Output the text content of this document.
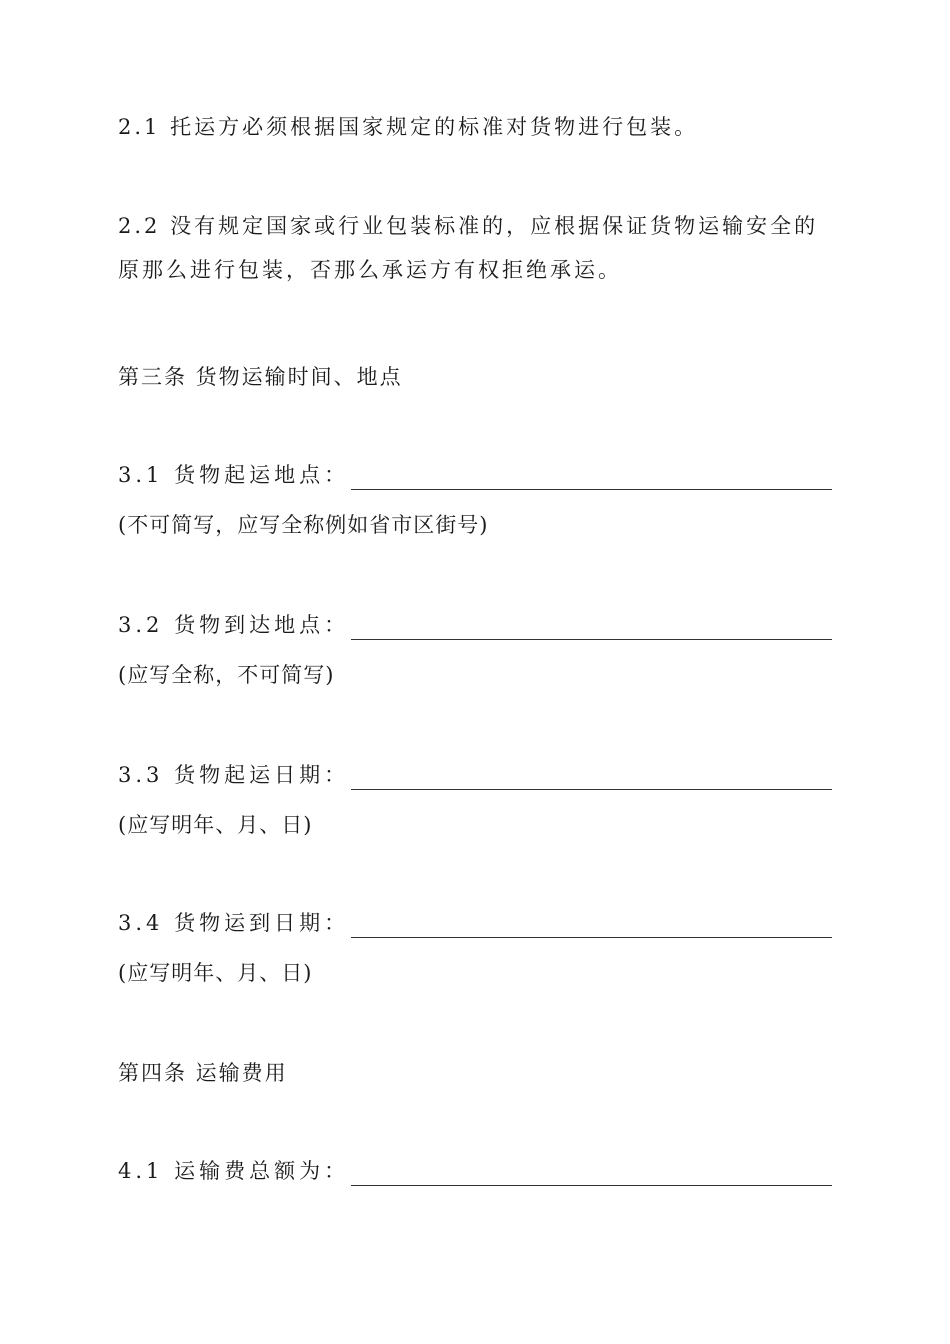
2.1 托运方必须根据国家规定的标准对货物进行包装。
2.2 没有规定国家或行业包装标准的，应根据保证货物运输安全的原那么进行包装，否那么承运方有权拒绝承运。
第三条 货物运输时间、地点
3.1 货物起运地点：
(不可简写，应写全称例如省市区街号)
3.2 货物到达地点：
(应写全称，不可简写)
3.3 货物起运日期：
(应写明年、月、日)
3.4 货物运到日期：
(应写明年、月、日)
第四条 运输费用
4.1 运输费总额为：
